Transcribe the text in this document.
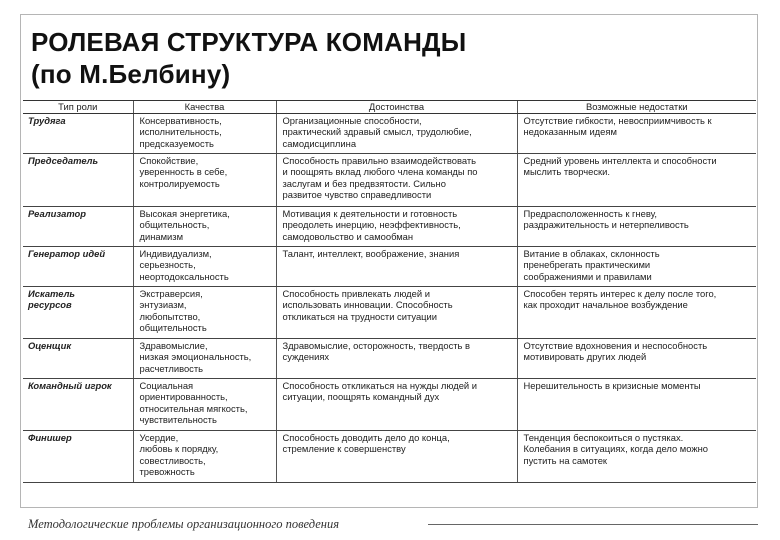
РОЛЕВАЯ СТРУКТУРА КОМАНДЫ
(по М.Белбину)
Тип роли	Качества	Достоинства	Возможные недостатки

Трудяга	Консервативность,
исполнительность,
предсказуемость	Организационные способности,
практический здравый смысл, трудолюбие,
самодисциплина	Отсутствие гибкости, невосприимчивость к
недоказанным идеям

Председатель	Спокойствие,
уверенность в себе,
контролируемость	Способность правильно взаимодействовать
и поощрять вклад любого члена команды по
заслугам и без предвзятости. Сильно
развитое чувство справедливости	Средний уровень интеллекта и способности
мыслить творчески.

Реализатор	Высокая энергетика,
общительность,
динамизм	Мотивация к деятельности и готовность
преодолеть инерцию, неэффективность,
самодовольство и самообман	Предрасположенность к гневу,
раздражительность и нетерпеливость

Генератор идей	Индивидуализм,
серьезность,
неортодоксальность	Талант, интеллект, воображение, знания	Витание в облаках, склонность
пренебрегать практическими
соображениями и правилами

Искатель
ресурсов	Экстраверсия,
энтузиазм,
любопытство,
общительность	Способность привлекать людей и
использовать инновации. Способность
откликаться на трудности ситуации	Способен терять интерес к делу после того,
как проходит начальное возбуждение

Оценщик	Здравомыслие,
низкая эмоциональность,
расчетливость	Здравомыслие, осторожность, твердость в
суждениях	Отсутствие вдохновения и неспособность
мотивировать других людей

Командный игрок	Социальная
ориентированность,
относительная мягкость,
чувствительность	Способность откликаться на нужды людей и
ситуации, поощрять командный дух	Нерешительность в кризисные моменты

Финишер	Усердие,
любовь к порядку,
совестливость,
тревожность	Способность доводить дело до конца,
стремление к совершенству	Тенденция беспокоиться о пустяках.
Колебания в ситуациях, когда дело можно
пустить на самотек
Методологические проблемы организационного поведения
